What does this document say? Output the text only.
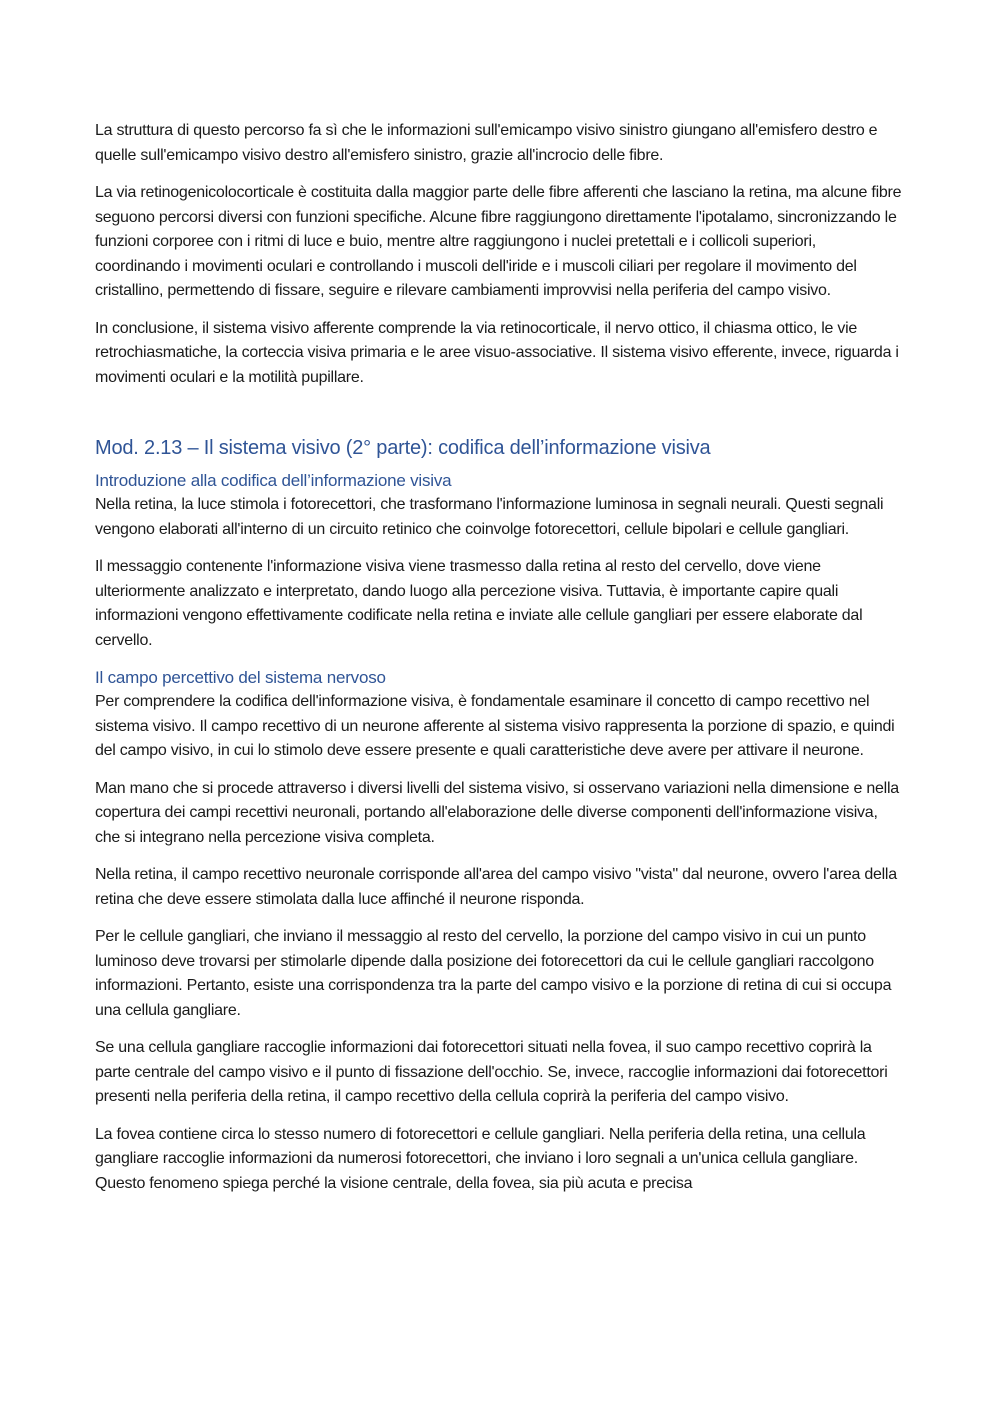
La struttura di questo percorso fa sì che le informazioni sull'emicampo visivo sinistro giungano all'emisfero destro e quelle sull'emicampo visivo destro all'emisfero sinistro, grazie all'incrocio delle fibre.

La via retinogenicolocorticale è costituita dalla maggior parte delle fibre afferenti che lasciano la retina, ma alcune fibre seguono percorsi diversi con funzioni specifiche. Alcune fibre raggiungono direttamente l'ipotalamo, sincronizzando le funzioni corporee con i ritmi di luce e buio, mentre altre raggiungono i nuclei pretettali e i collicoli superiori, coordinando i movimenti oculari e controllando i muscoli dell'iride e i muscoli ciliari per regolare il movimento del cristallino, permettendo di fissare, seguire e rilevare cambiamenti improvvisi nella periferia del campo visivo.

In conclusione, il sistema visivo afferente comprende la via retinocorticale, il nervo ottico, il chiasma ottico, le vie retrochiasmatiche, la corteccia visiva primaria e le aree visuo-associative. Il sistema visivo efferente, invece, riguarda i movimenti oculari e la motilità pupillare.

Mod. 2.13 – Il sistema visivo (2° parte): codifica dell’informazione visiva
Introduzione alla codifica dell’informazione visiva

Nella retina, la luce stimola i fotorecettori, che trasformano l'informazione luminosa in segnali neurali. Questi segnali vengono elaborati all'interno di un circuito retinico che coinvolge fotorecettori, cellule bipolari e cellule gangliari.

Il messaggio contenente l'informazione visiva viene trasmesso dalla retina al resto del cervello, dove viene ulteriormente analizzato e interpretato, dando luogo alla percezione visiva. Tuttavia, è importante capire quali informazioni vengono effettivamente codificate nella retina e inviate alle cellule gangliari per essere elaborate dal cervello.

Il campo percettivo del sistema nervoso

Per comprendere la codifica dell'informazione visiva, è fondamentale esaminare il concetto di campo recettivo nel sistema visivo. Il campo recettivo di un neurone afferente al sistema visivo rappresenta la porzione di spazio, e quindi del campo visivo, in cui lo stimolo deve essere presente e quali caratteristiche deve avere per attivare il neurone.

Man mano che si procede attraverso i diversi livelli del sistema visivo, si osservano variazioni nella dimensione e nella copertura dei campi recettivi neuronali, portando all'elaborazione delle diverse componenti dell'informazione visiva, che si integrano nella percezione visiva completa.

Nella retina, il campo recettivo neuronale corrisponde all'area del campo visivo "vista" dal neurone, ovvero l'area della retina che deve essere stimolata dalla luce affinché il neurone risponda.

Per le cellule gangliari, che inviano il messaggio al resto del cervello, la porzione del campo visivo in cui un punto luminoso deve trovarsi per stimolarle dipende dalla posizione dei fotorecettori da cui le cellule gangliari raccolgono informazioni. Pertanto, esiste una corrispondenza tra la parte del campo visivo e la porzione di retina di cui si occupa una cellula gangliare.

Se una cellula gangliare raccoglie informazioni dai fotorecettori situati nella fovea, il suo campo recettivo coprirà la parte centrale del campo visivo e il punto di fissazione dell'occhio. Se, invece, raccoglie informazioni dai fotorecettori presenti nella periferia della retina, il campo recettivo della cellula coprirà la periferia del campo visivo.

La fovea contiene circa lo stesso numero di fotorecettori e cellule gangliari. Nella periferia della retina, una cellula gangliare raccoglie informazioni da numerosi fotorecettori, che inviano i loro segnali a un'unica cellula gangliare. Questo fenomeno spiega perché la visione centrale, della fovea, sia più acuta e precisa
